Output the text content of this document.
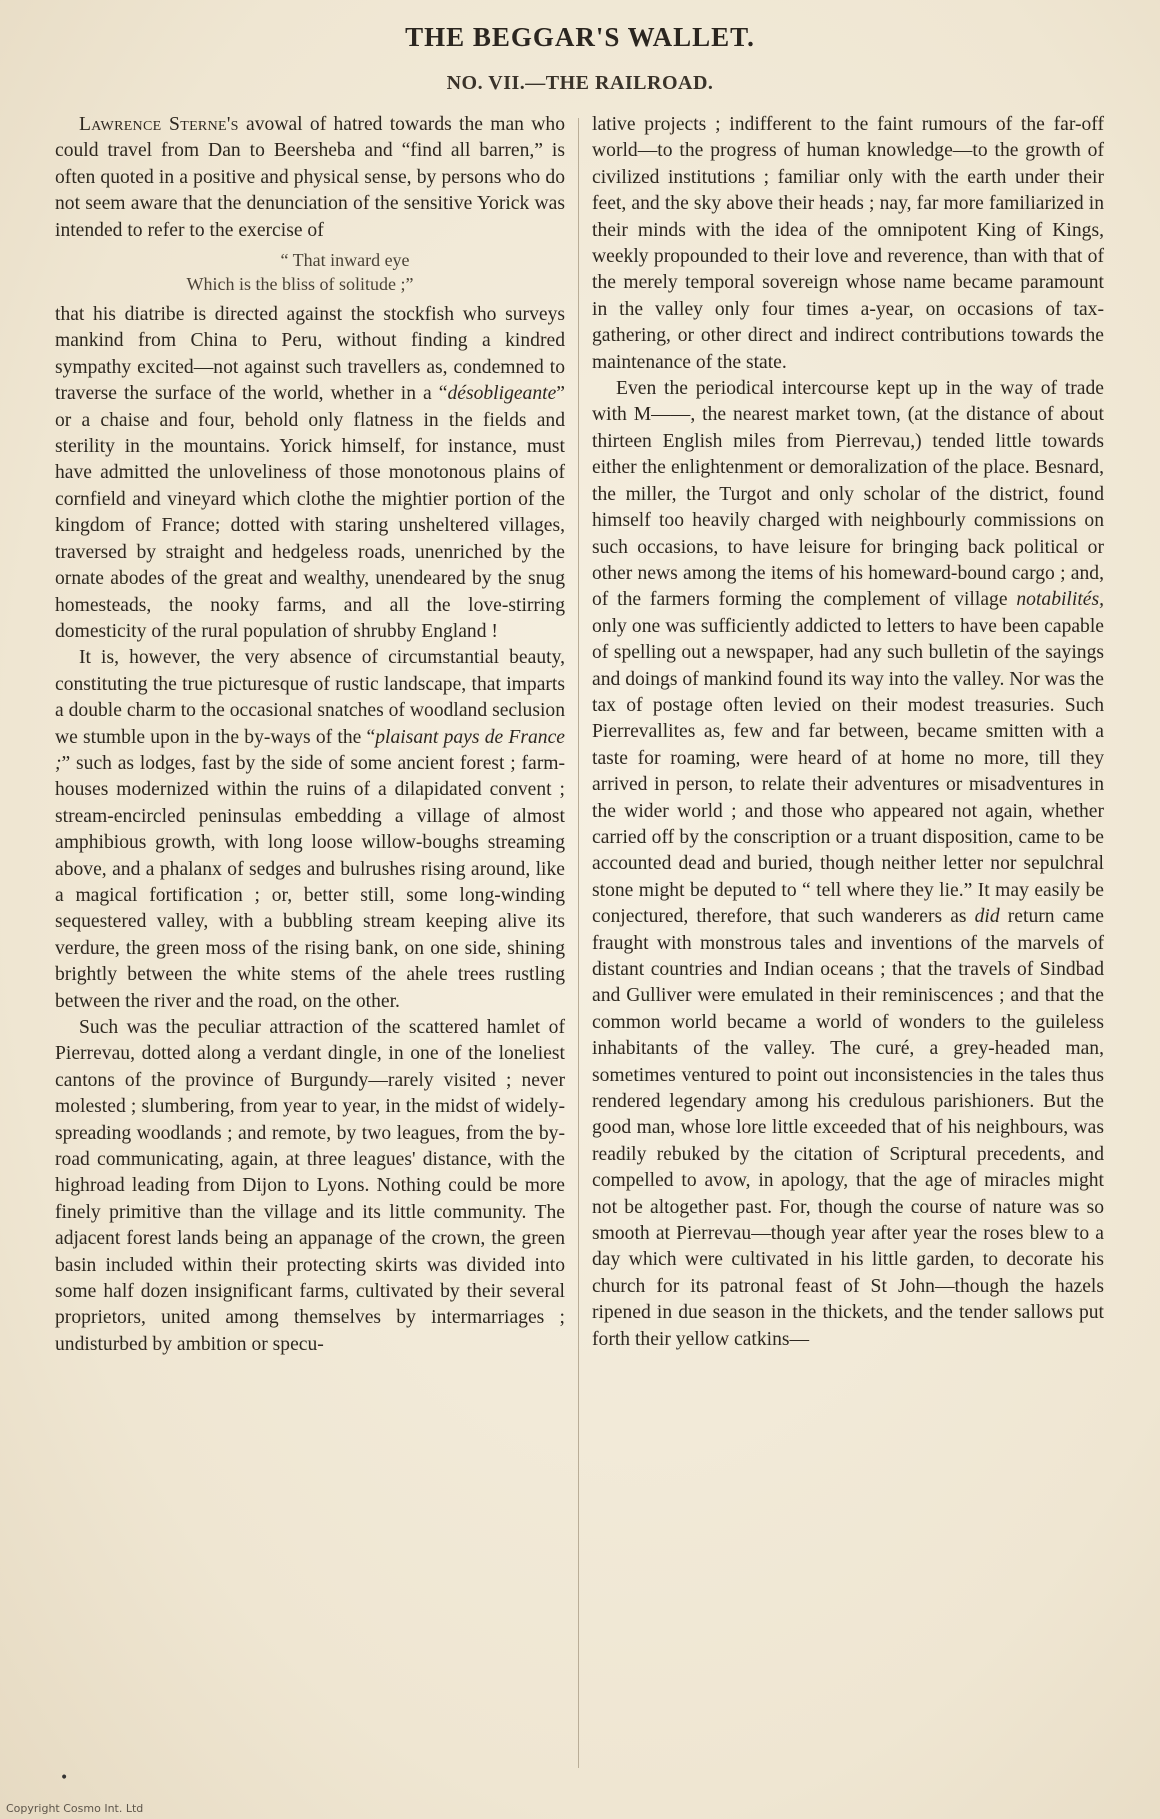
THE BEGGAR'S WALLET.
NO. VII.—THE RAILROAD.

Lawrence Sterne's avowal of hatred towards the man who could travel from Dan to Beersheba and “find all barren,” is often quoted in a positive and physical sense, by persons who do not seem aware that the denunciation of the sensitive Yorick was intended to refer to the exercise of

“ That inward eye
Which is the bliss of solitude ;”

that his diatribe is directed against the stockfish who surveys mankind from China to Peru, without finding a kindred sympathy excited—not against such travellers as, condemned to traverse the surface of the world, whether in a “désobligeante” or a chaise and four, behold only flatness in the fields and sterility in the mountains. Yorick himself, for instance, must have admitted the unloveliness of those monotonous plains of cornfield and vineyard which clothe the mightier portion of the kingdom of France; dotted with staring unsheltered villages, traversed by straight and hedgeless roads, unenriched by the ornate abodes of the great and wealthy, unendeared by the snug homesteads, the nooky farms, and all the love-stirring domesticity of the rural population of shrubby England !

It is, however, the very absence of circumstantial beauty, constituting the true picturesque of rustic landscape, that imparts a double charm to the occasional snatches of woodland seclusion we stumble upon in the by-ways of the “plaisant pays de France ;” such as lodges, fast by the side of some ancient forest ; farm-houses modernized within the ruins of a dilapidated convent ; stream-encircled peninsulas embedding a village of almost amphibious growth, with long loose willow-boughs streaming above, and a phalanx of sedges and bulrushes rising around, like a magical fortification ; or, better still, some long-winding sequestered valley, with a bubbling stream keeping alive its verdure, the green moss of the rising bank, on one side, shining brightly between the white stems of the ahele trees rustling between the river and the road, on the other.

Such was the peculiar attraction of the scattered hamlet of Pierrevau, dotted along a verdant dingle, in one of the loneliest cantons of the province of Burgundy—rarely visited ; never molested ; slumbering, from year to year, in the midst of widely-spreading woodlands ; and remote, by two leagues, from the by-road communicating, again, at three leagues' distance, with the highroad leading from Dijon to Lyons. Nothing could be more finely primitive than the village and its little community. The adjacent forest lands being an appanage of the crown, the green basin included within their protecting skirts was divided into some half dozen insignificant farms, cultivated by their several proprietors, united among themselves by intermarriages ; undisturbed by ambition or specu-

lative projects ; indifferent to the faint rumours of the far-off world—to the progress of human knowledge—to the growth of civilized institutions ; familiar only with the earth under their feet, and the sky above their heads ; nay, far more familiarized in their minds with the idea of the omnipotent King of Kings, weekly propounded to their love and reverence, than with that of the merely temporal sovereign whose name became paramount in the valley only four times a-year, on occasions of tax-gathering, or other direct and indirect contributions towards the maintenance of the state.

Even the periodical intercourse kept up in the way of trade with M——, the nearest market town, (at the distance of about thirteen English miles from Pierrevau,) tended little towards either the enlightenment or demoralization of the place. Besnard, the miller, the Turgot and only scholar of the district, found himself too heavily charged with neighbourly commissions on such occasions, to have leisure for bringing back political or other news among the items of his homeward-bound cargo ; and, of the farmers forming the complement of village notabilités, only one was sufficiently addicted to letters to have been capable of spelling out a newspaper, had any such bulletin of the sayings and doings of mankind found its way into the valley. Nor was the tax of postage often levied on their modest treasuries. Such Pierrevallites as, few and far between, became smitten with a taste for roaming, were heard of at home no more, till they arrived in person, to relate their adventures or misadventures in the wider world ; and those who appeared not again, whether carried off by the conscription or a truant disposition, came to be accounted dead and buried, though neither letter nor sepulchral stone might be deputed to “ tell where they lie.” It may easily be conjectured, therefore, that such wanderers as did return came fraught with monstrous tales and inventions of the marvels of distant countries and Indian oceans ; that the travels of Sindbad and Gulliver were emulated in their reminiscences ; and that the common world became a world of wonders to the guileless inhabitants of the valley. The curé, a grey-headed man, sometimes ventured to point out inconsistencies in the tales thus rendered legendary among his credulous parishioners. But the good man, whose lore little exceeded that of his neighbours, was readily rebuked by the citation of Scriptural precedents, and compelled to avow, in apology, that the age of miracles might not be altogether past. For, though the course of nature was so smooth at Pierrevau—though year after year the roses blew to a day which were cultivated in his little garden, to decorate his church for its patronal feast of St John—though the hazels ripened in due season in the thickets, and the tender sallows put forth their yellow catkins—

•
Copyright Cosmo Int. Ltd
